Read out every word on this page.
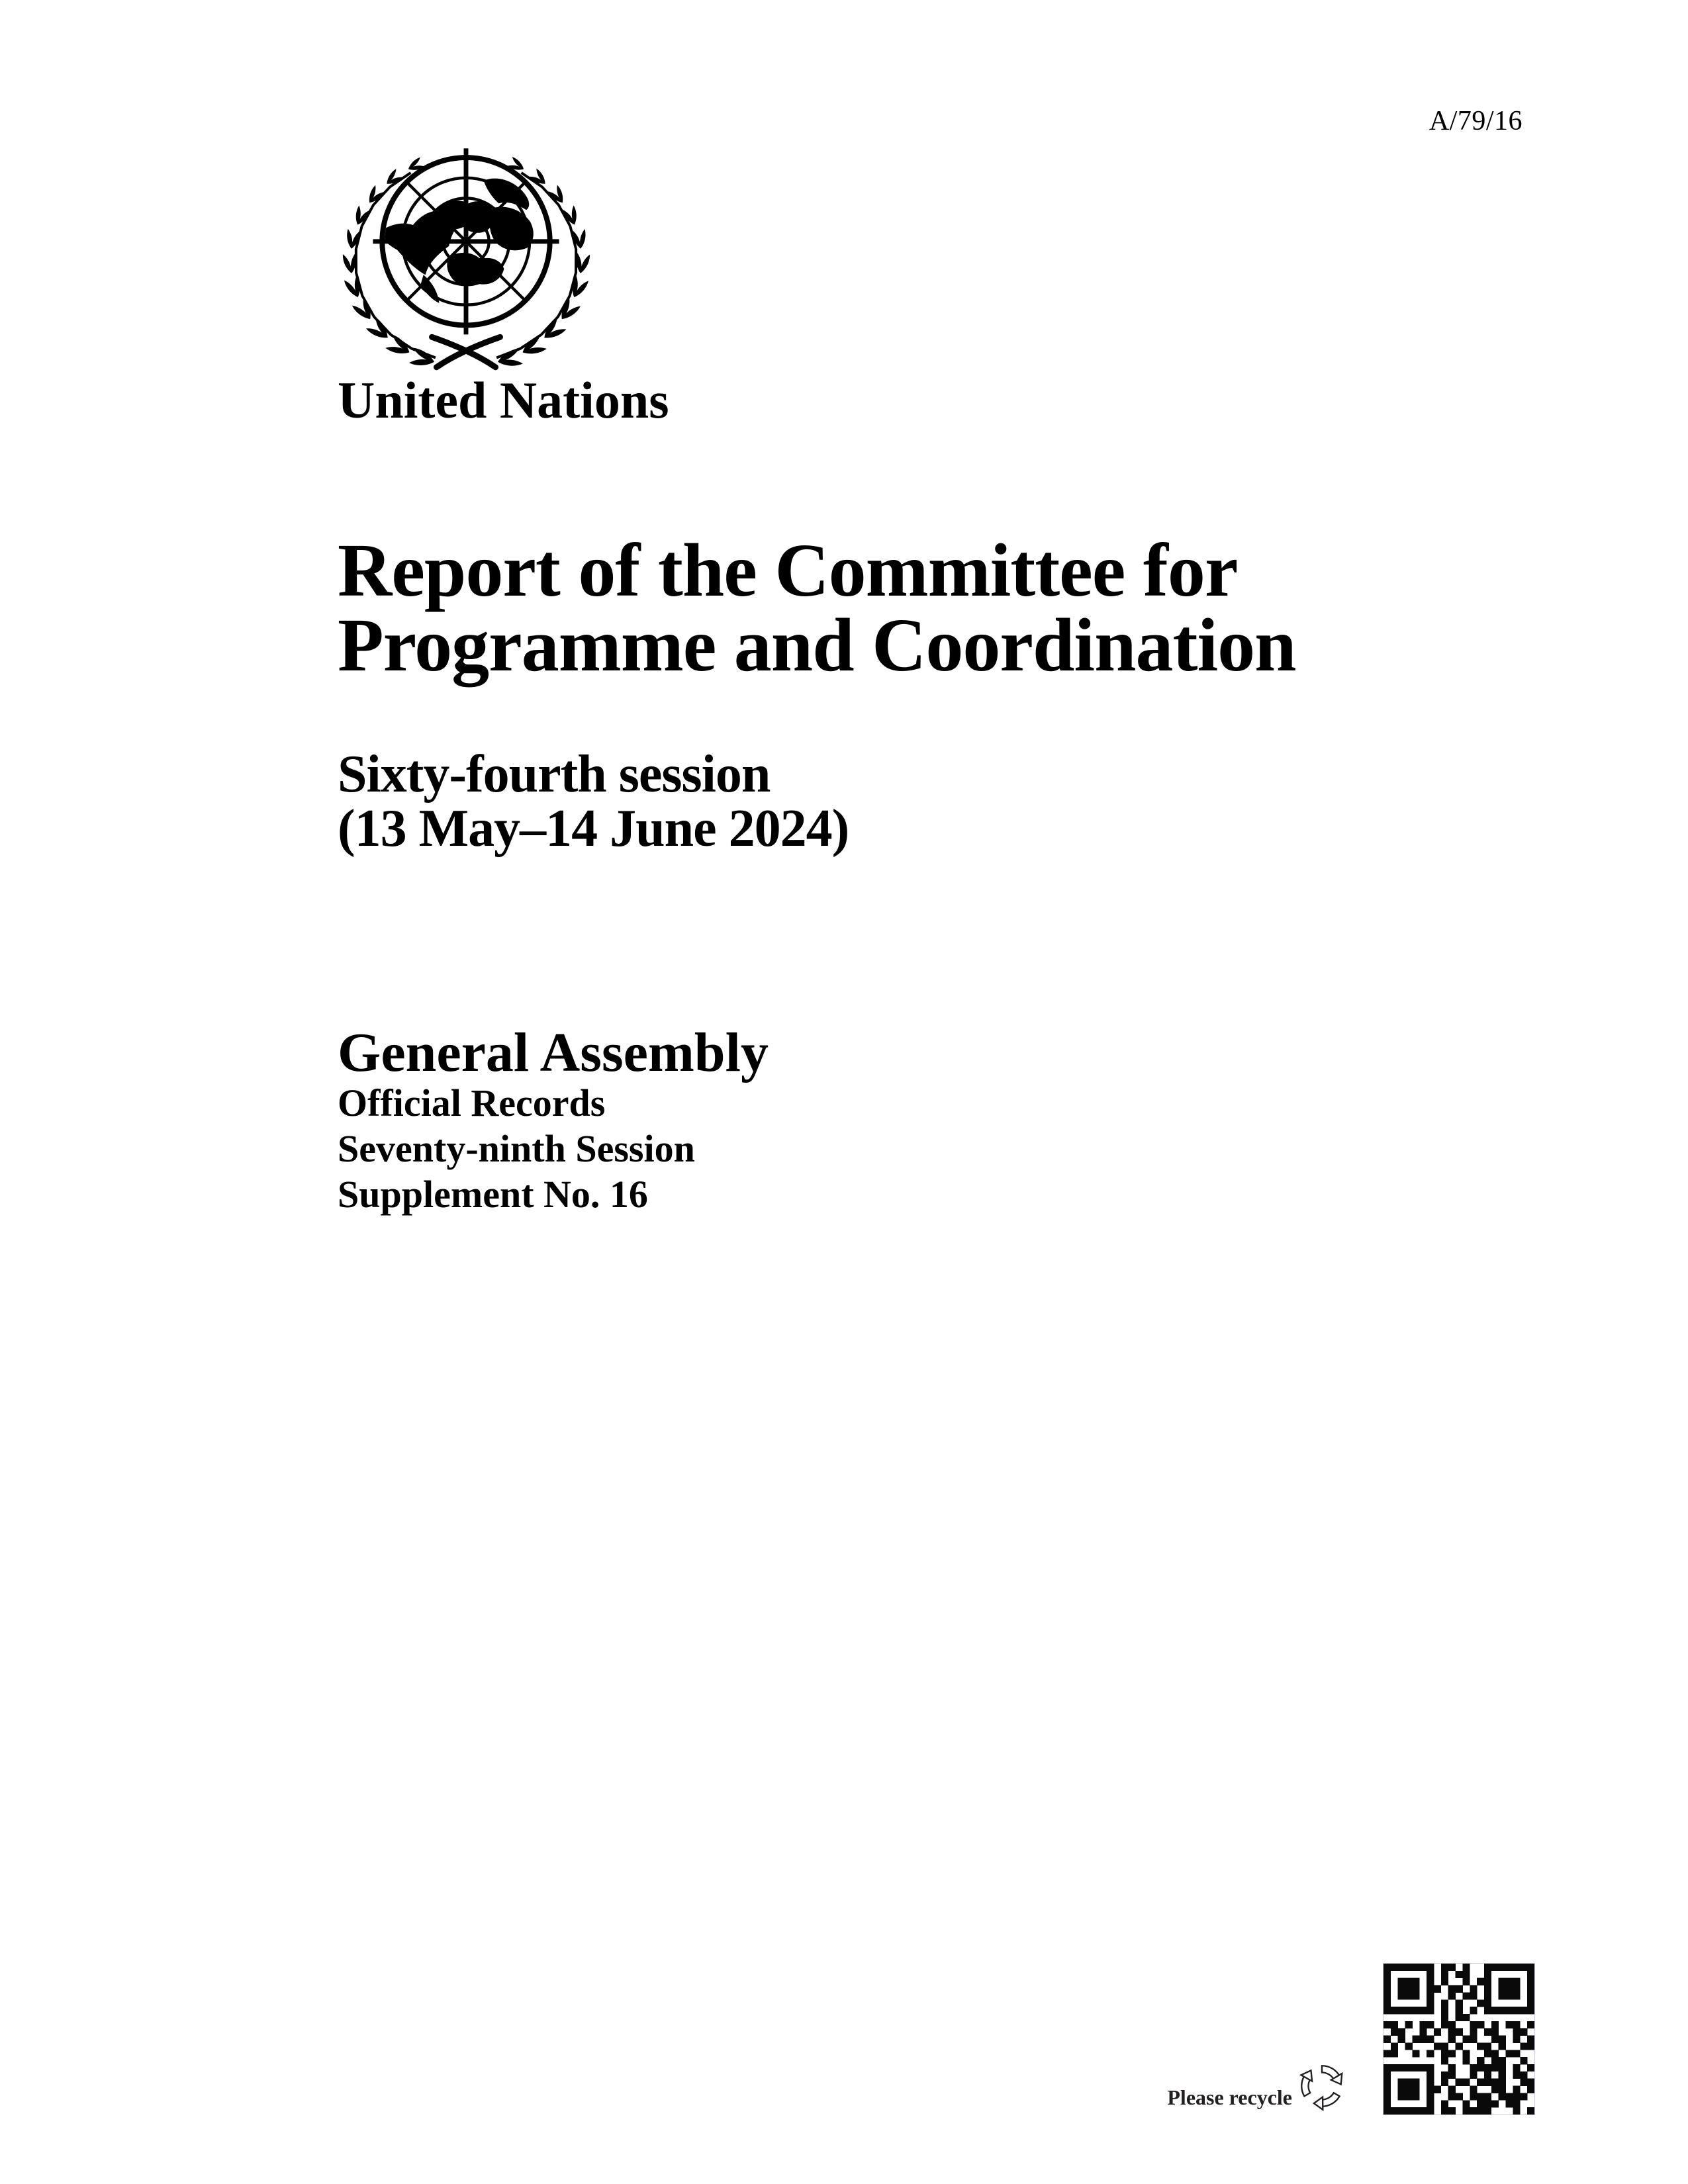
A/79/16
United Nations
Report of the Committee for
Programme and Coordination
Sixty-fourth session
(13 May–14 June 2024)
General Assembly
Official Records
Seventy-ninth Session
Supplement No. 16
Please recycle
